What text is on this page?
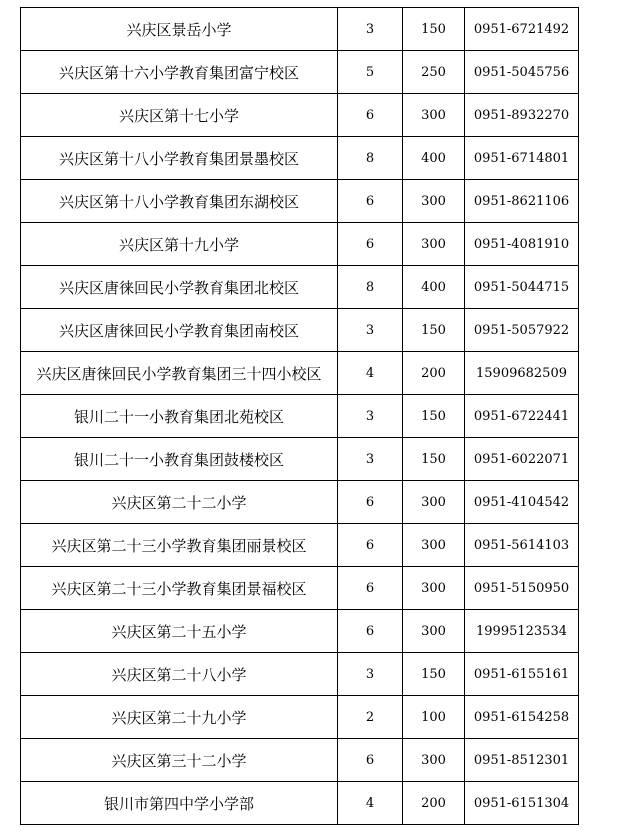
兴庆区景岳小学	3	150	0951-6721492
兴庆区第十六小学教育集团富宁校区	5	250	0951-5045756
兴庆区第十七小学	6	300	0951-8932270
兴庆区第十八小学教育集团景墨校区	8	400	0951-6714801
兴庆区第十八小学教育集团东湖校区	6	300	0951-8621106
兴庆区第十九小学	6	300	0951-4081910
兴庆区唐徕回民小学教育集团北校区	8	400	0951-5044715
兴庆区唐徕回民小学教育集团南校区	3	150	0951-5057922
兴庆区唐徕回民小学教育集团三十四小校区	4	200	15909682509
银川二十一小教育集团北苑校区	3	150	0951-6722441
银川二十一小教育集团鼓楼校区	3	150	0951-6022071
兴庆区第二十二小学	6	300	0951-4104542
兴庆区第二十三小学教育集团丽景校区	6	300	0951-5614103
兴庆区第二十三小学教育集团景福校区	6	300	0951-5150950
兴庆区第二十五小学	6	300	19995123534
兴庆区第二十八小学	3	150	0951-6155161
兴庆区第二十九小学	2	100	0951-6154258
兴庆区第三十二小学	6	300	0951-8512301
银川市第四中学小学部	4	200	0951-6151304
